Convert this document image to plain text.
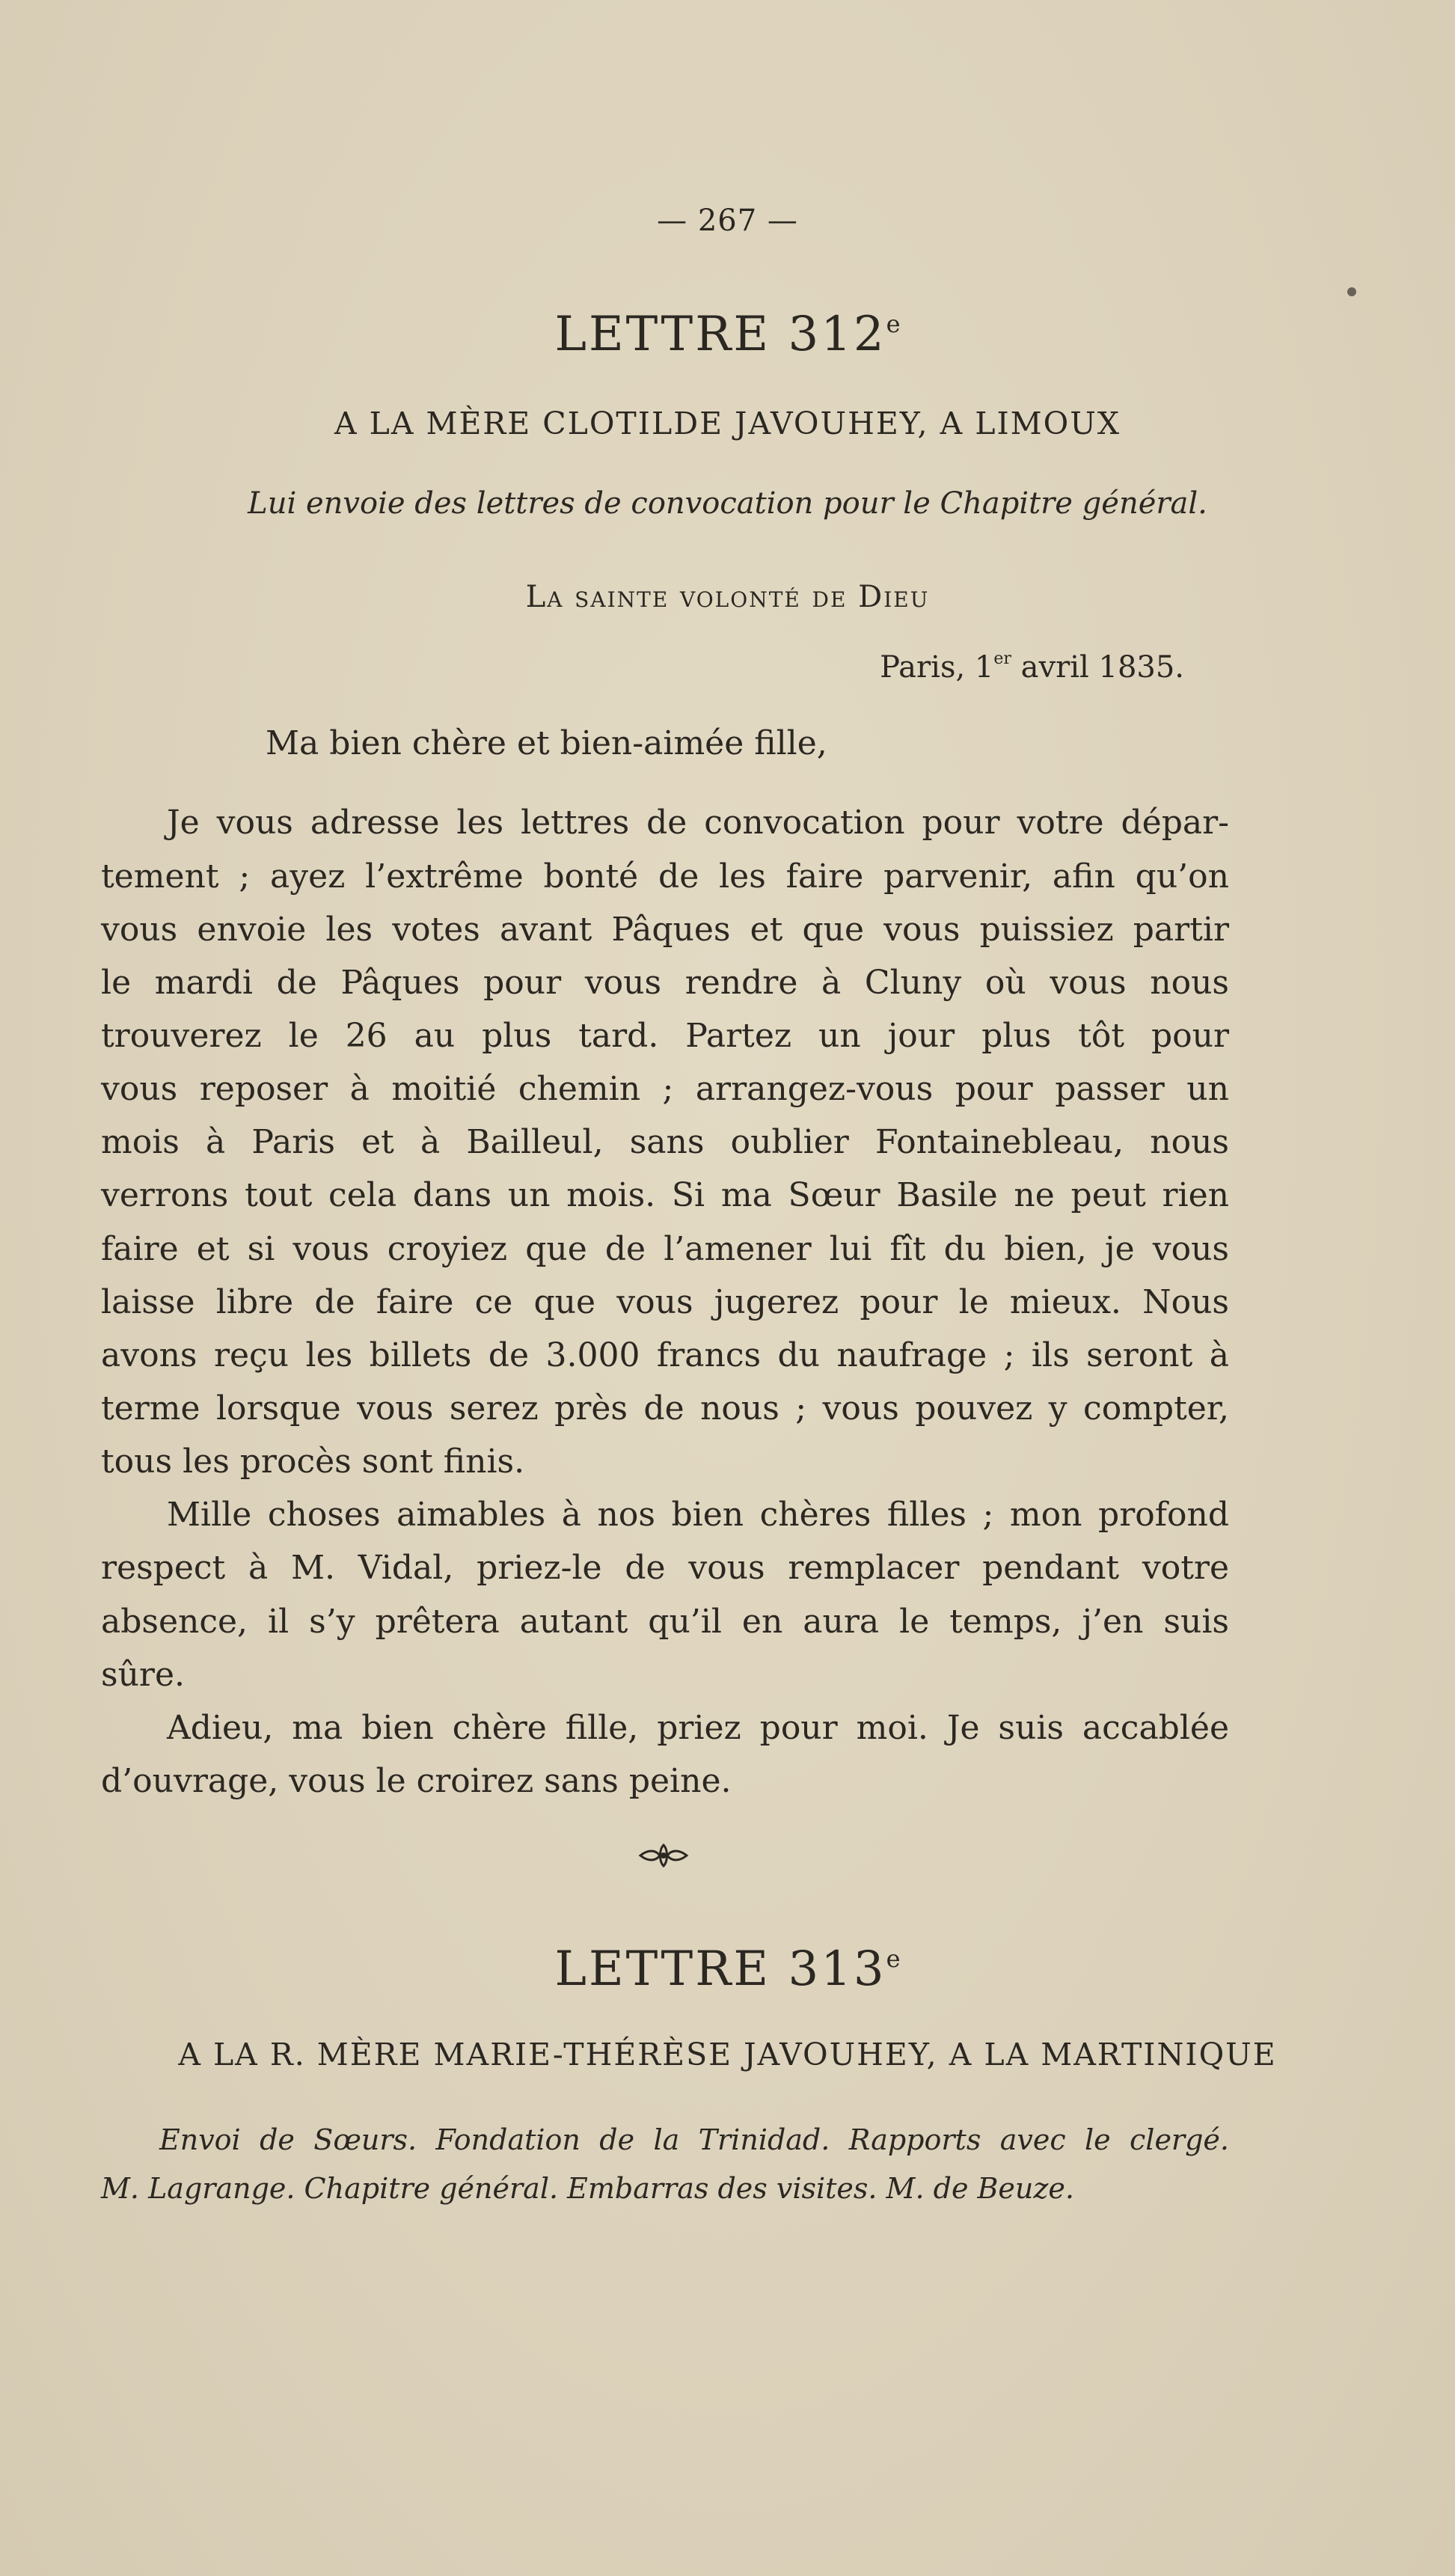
— 267 —
LETTRE 312e
A LA MÈRE CLOTILDE JAVOUHEY, A LIMOUX
Lui envoie des lettres de convocation pour le Chapitre général.
La sainte volonté de Dieu
Paris, 1er avril 1835.
Ma bien chère et bien-aimée fille,
Je vous adresse les lettres de convocation pour votre dépar-
tement ; ayez l’extrême bonté de les faire parvenir, afin qu’on
vous envoie les votes avant Pâques et que vous puissiez partir
le mardi de Pâques pour vous rendre à Cluny où vous nous
trouverez le 26 au plus tard. Partez un jour plus tôt pour
vous reposer à moitié chemin ; arrangez-vous pour passer un
mois à Paris et à Bailleul, sans oublier Fontainebleau, nous
verrons tout cela dans un mois. Si ma Sœur Basile ne peut rien
faire et si vous croyiez que de l’amener lui fît du bien, je vous
laisse libre de faire ce que vous jugerez pour le mieux. Nous
avons reçu les billets de 3.000 francs du naufrage ; ils seront à
terme lorsque vous serez près de nous ; vous pouvez y compter,
tous les procès sont finis.
Mille choses aimables à nos bien chères filles ; mon profond
respect à M. Vidal, priez-le de vous remplacer pendant votre
absence, il s’y prêtera autant qu’il en aura le temps, j’en suis
sûre.
Adieu, ma bien chère fille, priez pour moi. Je suis accablée
d’ouvrage, vous le croirez sans peine.
LETTRE 313e
A LA R. MÈRE MARIE-THÉRÈSE JAVOUHEY, A LA MARTINIQUE
Envoi de Sœurs. Fondation de la Trinidad. Rapports avec le clergé.
M. Lagrange. Chapitre général. Embarras des visites. M. de Beuze.
